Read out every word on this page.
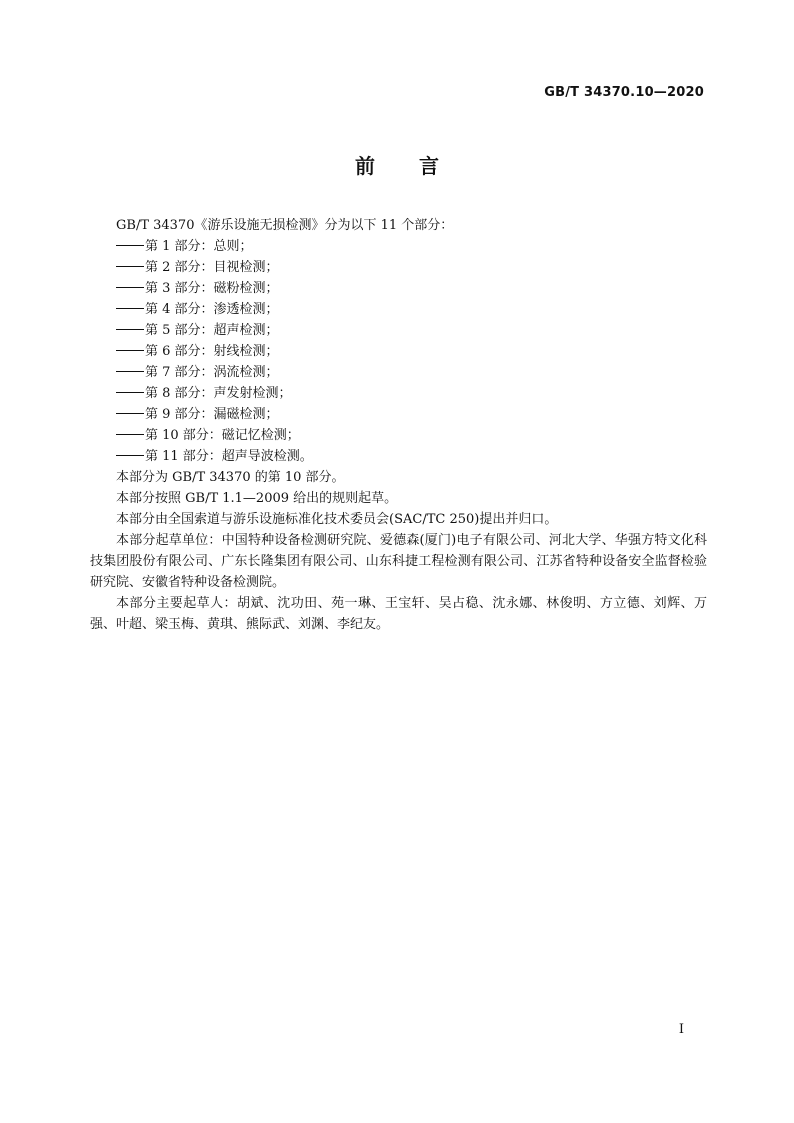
GB/T 34370.10—2020
前言

GB/T 34370《游乐设施无损检测》分为以下 11 个部分：

第 1 部分：总则；

第 2 部分：目视检测；

第 3 部分：磁粉检测；

第 4 部分：渗透检测；

第 5 部分：超声检测；

第 6 部分：射线检测；

第 7 部分：涡流检测；

第 8 部分：声发射检测；

第 9 部分：漏磁检测；

第 10 部分：磁记忆检测；

第 11 部分：超声导波检测。

本部分为 GB/T 34370 的第 10 部分。

本部分按照 GB/T 1.1—2009 给出的规则起草。

本部分由全国索道与游乐设施标准化技术委员会(SAC/TC 250)提出并归口。

本部分起草单位：中国特种设备检测研究院、爱德森(厦门)电子有限公司、河北大学、华强方特文化科技集团股份有限公司、广东长隆集团有限公司、山东科捷工程检测有限公司、江苏省特种设备安全监督检验研究院、安徽省特种设备检测院。

本部分主要起草人：胡斌、沈功田、苑一琳、王宝轩、吴占稳、沈永娜、林俊明、方立德、刘辉、万强、叶超、梁玉梅、黄琪、熊际武、刘渊、李纪友。

I
